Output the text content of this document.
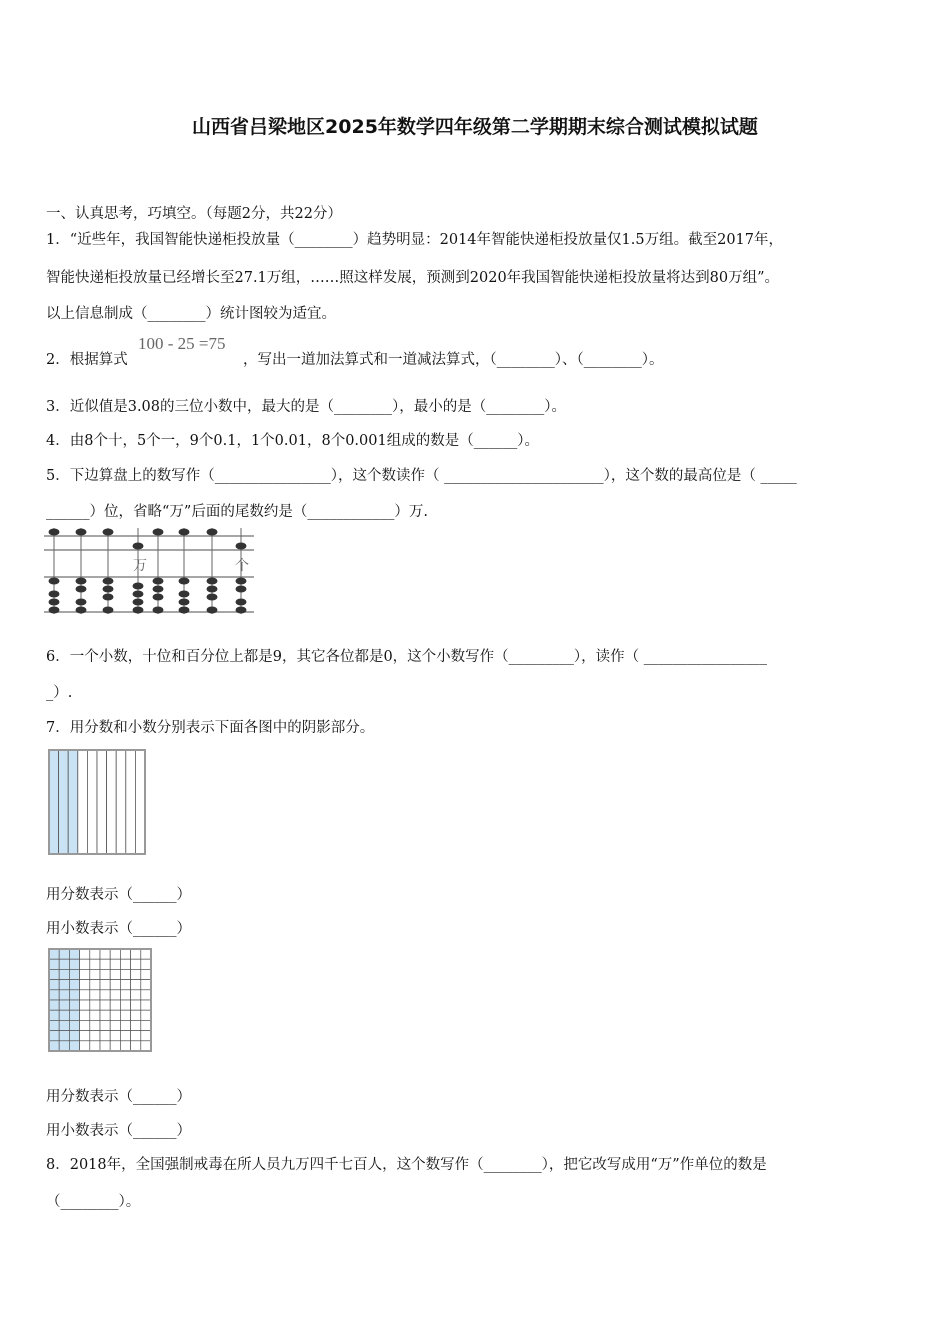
山西省吕梁地区2025年数学四年级第二学期期末综合测试模拟试题
一、认真思考，巧填空。（每题2分，共22分）
1．“近些年，我国智能快递柜投放量（________）趋势明显：2014年智能快递柜投放量仅1.5万组。截至2017年，
智能快递柜投放量已经增长至27.1万组，……照这样发展，预测到2020年我国智能快递柜投放量将达到80万组”。
以上信息制成（________）统计图较为适宜。
2．根据算式
100 - 25 =75
，写出一道加法算式和一道减法算式，（________）、（________）。
3．近似值是3.08的三位小数中，最大的是（________），最小的是（________）。
4．由8个十，5个一，9个0.1，1个0.01，8个0.001组成的数是（______）。
5．下边算盘上的数写作（________________），这个数读作（ ______________________），这个数的最高位是（ _____
______）位，省略“万”后面的尾数约是（____________）万.
万	个
6．一个小数，十位和百分位上都是9，其它各位都是0，这个小数写作（_________），读作（ _________________
_）.
7．用分数和小数分别表示下面各图中的阴影部分。
用分数表示（______）
用小数表示（______）
用分数表示（______）
用小数表示（______）
8．2018年，全国强制戒毒在所人员九万四千七百人，这个数写作（________），把它改写成用“万”作单位的数是
（________）。
